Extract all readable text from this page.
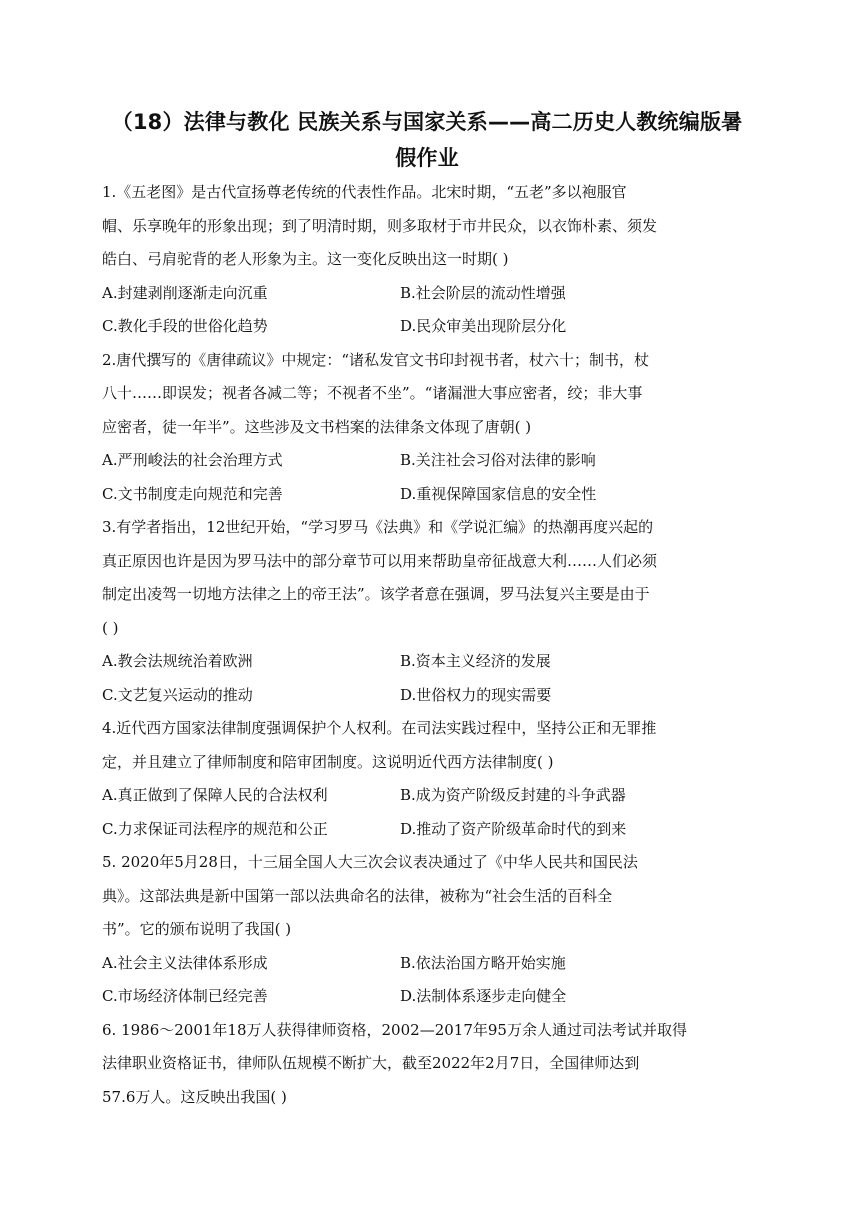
（18）法律与教化 民族关系与国家关系——高二历史人教统编版暑
假作业

1.《五老图》是古代宣扬尊老传统的代表性作品。北宋时期，“五老”多以袍服官

帽、乐享晚年的形象出现；到了明清时期，则多取材于市井民众，以衣饰朴素、须发

皓白、弓肩驼背的老人形象为主。这一变化反映出这一时期( )

A.封建剥削逐渐走向沉重	B.社会阶层的流动性增强
C.教化手段的世俗化趋势	D.民众审美出现阶层分化

2.唐代撰写的《唐律疏议》中规定：“诸私发官文书印封视书者，杖六十；制书，杖

八十……即误发；视者各减二等；不视者不坐”。“诸漏泄大事应密者，绞；非大事

应密者，徒一年半”。这些涉及文书档案的法律条文体现了唐朝( )

A.严刑峻法的社会治理方式	B.关注社会习俗对法律的影响
C.文书制度走向规范和完善	D.重视保障国家信息的安全性

3.有学者指出，12世纪开始，“学习罗马《法典》和《学说汇编》的热潮再度兴起的

真正原因也许是因为罗马法中的部分章节可以用来帮助皇帝征战意大利……人们必须

制定出凌驾一切地方法律之上的帝王法”。该学者意在强调，罗马法复兴主要是由于

( )

A.教会法规统治着欧洲	B.资本主义经济的发展
C.文艺复兴运动的推动	D.世俗权力的现实需要

4.近代西方国家法律制度强调保护个人权利。在司法实践过程中，坚持公正和无罪推

定，并且建立了律师制度和陪审团制度。这说明近代西方法律制度( )

A.真正做到了保障人民的合法权利	B.成为资产阶级反封建的斗争武器
C.力求保证司法程序的规范和公正	D.推动了资产阶级革命时代的到来

5. 2020年5月28日，十三届全国人大三次会议表决通过了《中华人民共和国民法

典》。这部法典是新中国第一部以法典命名的法律，被称为“社会生活的百科全

书”。它的颁布说明了我国( )

A.社会主义法律体系形成	B.依法治国方略开始实施
C.市场经济体制已经完善	D.法制体系逐步走向健全

6. 1986～2001年18万人获得律师资格，2002—2017年95万余人通过司法考试并取得

法律职业资格证书，律师队伍规模不断扩大，截至2022年2月7日，全国律师达到

57.6万人。这反映出我国( )
